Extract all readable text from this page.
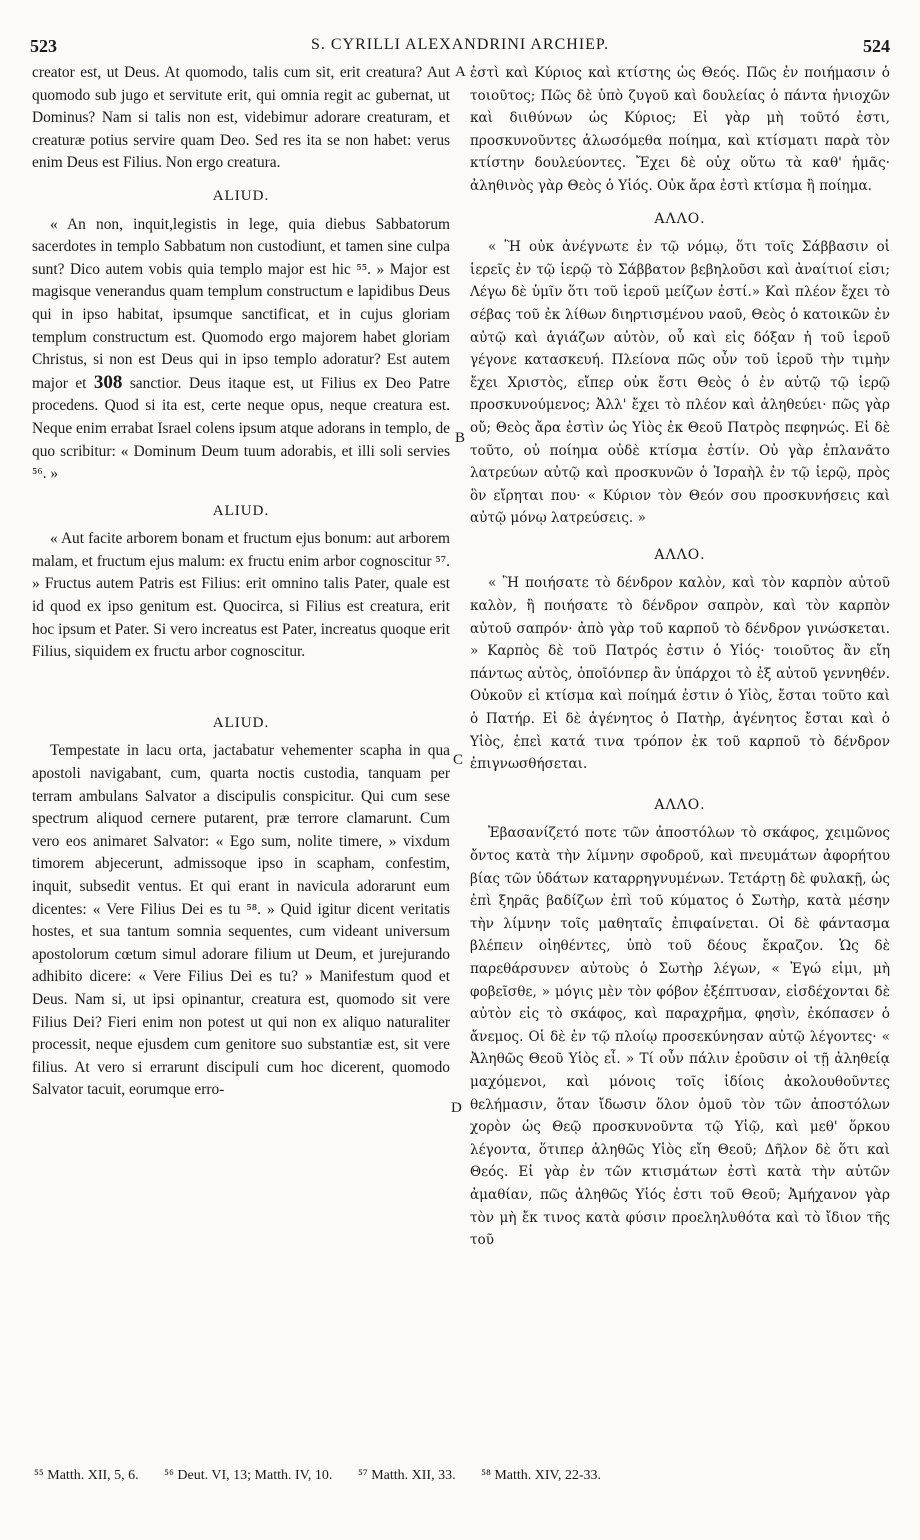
523	S. CYRILLI ALEXANDRINI ARCHIEP.	524
A
B
C
D

creator est, ut Deus. At quomodo, talis cum sit, erit creatura? Aut quomodo sub jugo et servitute erit, qui omnia regit ac gubernat, ut Dominus? Nam si talis non est, videbimur adorare creaturam, et creaturæ potius servire quam Deo. Sed res ita se non habet: verus enim Deus est Filius. Non ergo creatura.

ALIUD.

« An non, inquit,legistis in lege, quia diebus Sabbatorum sacerdotes in templo Sabbatum non custodiunt, et tamen sine culpa sunt? Dico autem vobis quia templo major est hic ⁵⁵. » Major est magisque venerandus quam templum constructum e lapidibus Deus qui in ipso habitat, ipsumque sanctificat, et in cujus gloriam templum constructum est. Quomodo ergo majorem habet gloriam Christus, si non est Deus qui in ipso templo adoratur? Est autem major et 308 sanctior. Deus itaque est, ut Filius ex Deo Patre procedens. Quod si ita est, certe neque opus, neque creatura est. Neque enim errabat Israel colens ipsum atque adorans in templo, de quo scribitur: « Dominum Deum tuum adorabis, et illi soli servies ⁵⁶. »

ALIUD.

« Aut facite arborem bonam et fructum ejus bonum: aut arborem malam, et fructum ejus malum: ex fructu enim arbor cognoscitur ⁵⁷. » Fructus autem Patris est Filius: erit omnino talis Pater, quale est id quod ex ipso genitum est. Quocirca, si Filius est creatura, erit hoc ipsum et Pater. Si vero increatus est Pater, increatus quoque erit Filius, siquidem ex fructu arbor cognoscitur.

ALIUD.

Tempestate in lacu orta, jactabatur vehementer scapha in qua apostoli navigabant, cum, quarta noctis custodia, tanquam per terram ambulans Salvator a discipulis conspicitur. Qui cum sese spectrum aliquod cernere putarent, præ terrore clamarunt. Cum vero eos animaret Salvator: « Ego sum, nolite timere, » vixdum timorem abjecerunt, admissoque ipso in scapham, confestim, inquit, subsedit ventus. Et qui erant in navicula adorarunt eum dicentes: « Vere Filius Dei es tu ⁵⁸. » Quid igitur dicent veritatis hostes, et sua tantum somnia sequentes, cum videant universum apostolorum cœtum simul adorare filium ut Deum, et jurejurando adhibito dicere: « Vere Filius Dei es tu? » Manifestum quod et Deus. Nam si, ut ipsi opinantur, creatura est, quomodo sit vere Filius Dei? Fieri enim non potest ut qui non ex aliquo naturaliter processit, neque ejusdem cum genitore suo substantiæ est, sit vere filius. At vero si errarunt discipuli cum hoc dicerent, quomodo Salvator tacuit, eorumque erro-

ἐστὶ καὶ Κύριος καὶ κτίστης ὡς Θεός. Πῶς ἐν ποιήμασιν ὁ τοιοῦτος; Πῶς δὲ ὑπὸ ζυγοῦ καὶ δουλείας ὁ πάντα ἡνιοχῶν καὶ διιθύνων ὡς Κύριος; Εἰ γὰρ μὴ τοῦτό ἐστι, προσκυνοῦντες ἁλωσόμεθα ποίημα, καὶ κτίσματι παρὰ τὸν κτίστην δουλεύοντες. Ἔχει δὲ οὐχ οὕτω τὰ καθ' ἡμᾶς· ἀληθινὸς γὰρ Θεὸς ὁ Υἱός. Οὐκ ἄρα ἐστὶ κτίσμα ἢ ποίημα.

ΑΛΛΟ.

« Ἢ οὐκ ἀνέγνωτε ἐν τῷ νόμῳ, ὅτι τοῖς Σάββασιν οἱ ἱερεῖς ἐν τῷ ἱερῷ τὸ Σάββατον βεβηλοῦσι καὶ ἀναίτιοί εἰσι; Λέγω δὲ ὑμῖν ὅτι τοῦ ἱεροῦ μείζων ἐστί.» Καὶ πλέον ἔχει τὸ σέβας τοῦ ἐκ λίθων διηρτισμένου ναοῦ, Θεὸς ὁ κατοικῶν ἐν αὐτῷ καὶ ἁγιάζων αὐτὸν, οὗ καὶ εἰς δόξαν ἡ τοῦ ἱεροῦ γέγονε κατασκευή. Πλείονα πῶς οὖν τοῦ ἱεροῦ τὴν τιμὴν ἔχει Χριστὸς, εἴπερ οὐκ ἔστι Θεὸς ὁ ἐν αὐτῷ τῷ ἱερῷ προσκυνούμενος; Ἀλλ' ἔχει τὸ πλέον καὶ ἀληθεύει· πῶς γὰρ οὔ; Θεὸς ἄρα ἐστὶν ὡς Υἱὸς ἐκ Θεοῦ Πατρὸς πεφηνώς. Εἰ δὲ τοῦτο, οὐ ποίημα οὐδὲ κτίσμα ἐστίν. Οὐ γὰρ ἐπλανᾶτο λατρεύων αὐτῷ καὶ προσκυνῶν ὁ Ἰσραὴλ ἐν τῷ ἱερῷ, πρὸς ὃν εἴρηται που· « Κύριον τὸν Θεόν σου προσκυνήσεις καὶ αὐτῷ μόνῳ λατρεύσεις. »

ΑΛΛΟ.

« Ἢ ποιήσατε τὸ δένδρον καλὸν, καὶ τὸν καρπὸν αὐτοῦ καλὸν, ἢ ποιήσατε τὸ δένδρον σαπρὸν, καὶ τὸν καρπὸν αὐτοῦ σαπρόν· ἀπὸ γὰρ τοῦ καρποῦ τὸ δένδρον γινώσκεται. » Καρπὸς δὲ τοῦ Πατρός ἐστιν ὁ Υἱός· τοιοῦτος ἂν εἴη πάντως αὐτὸς, ὁποῖόνπερ ἂν ὑπάρχοι τὸ ἐξ αὐτοῦ γεννηθέν. Οὐκοῦν εἰ κτίσμα καὶ ποίημά ἐστιν ὁ Υἱὸς, ἔσται τοῦτο καὶ ὁ Πατήρ. Εἰ δὲ ἀγένητος ὁ Πατὴρ, ἀγένητος ἔσται καὶ ὁ Υἱὸς, ἐπεὶ κατά τινα τρόπον ἐκ τοῦ καρποῦ τὸ δένδρον ἐπιγνωσθήσεται.

ΑΛΛΟ.

Ἐβασανίζετό ποτε τῶν ἀποστόλων τὸ σκάφος, χειμῶνος ὄντος κατὰ τὴν λίμνην σφοδροῦ, καὶ πνευμάτων ἀφορήτου βίας τῶν ὑδάτων καταρρηγνυμένων. Τετάρτῃ δὲ φυλακῇ, ὡς ἐπὶ ξηρᾶς βαδίζων ἐπὶ τοῦ κύματος ὁ Σωτὴρ, κατὰ μέσην τὴν λίμνην τοῖς μαθηταῖς ἐπιφαίνεται. Οἱ δὲ φάντασμα βλέπειν οἰηθέντες, ὑπὸ τοῦ δέους ἔκραζον. Ὡς δὲ παρεθάρσυνεν αὐτοὺς ὁ Σωτὴρ λέγων, « Ἐγώ εἰμι, μὴ φοβεῖσθε, » μόγις μὲν τὸν φόβον ἐξέπτυσαν, εἰσδέχονται δὲ αὐτὸν εἰς τὸ σκάφος, καὶ παραχρῆμα, φησὶν, ἐκόπασεν ὁ ἄνεμος. Οἱ δὲ ἐν τῷ πλοίῳ προσεκύνησαν αὐτῷ λέγοντες· « Ἀληθῶς Θεοῦ Υἱὸς εἶ. » Τί οὖν πάλιν ἐροῦσιν οἱ τῇ ἀληθείᾳ μαχόμενοι, καὶ μόνοις τοῖς ἰδίοις ἀκολουθοῦντες θελήμασιν, ὅταν ἴδωσιν ὅλον ὁμοῦ τὸν τῶν ἀποστόλων χορὸν ὡς Θεῷ προσκυνοῦντα τῷ Υἱῷ, καὶ μεθ' ὅρκου λέγοντα, ὅτιπερ ἀληθῶς Υἱὸς εἴη Θεοῦ; Δῆλον δὲ ὅτι καὶ Θεός. Εἰ γὰρ ἐν τῶν κτισμάτων ἐστὶ κατὰ τὴν αὐτῶν ἀμαθίαν, πῶς ἀληθῶς Υἱός ἐστι τοῦ Θεοῦ; Ἀμήχανον γὰρ τὸν μὴ ἔκ τινος κατὰ φύσιν προεληλυθότα καὶ τὸ ἴδιον τῆς τοῦ

⁵⁵ Matth. XII, 5, 6. ⁵⁶ Deut. VI, 13; Matth. IV, 10. ⁵⁷ Matth. XII, 33. ⁵⁸ Matth. XIV, 22-33.
